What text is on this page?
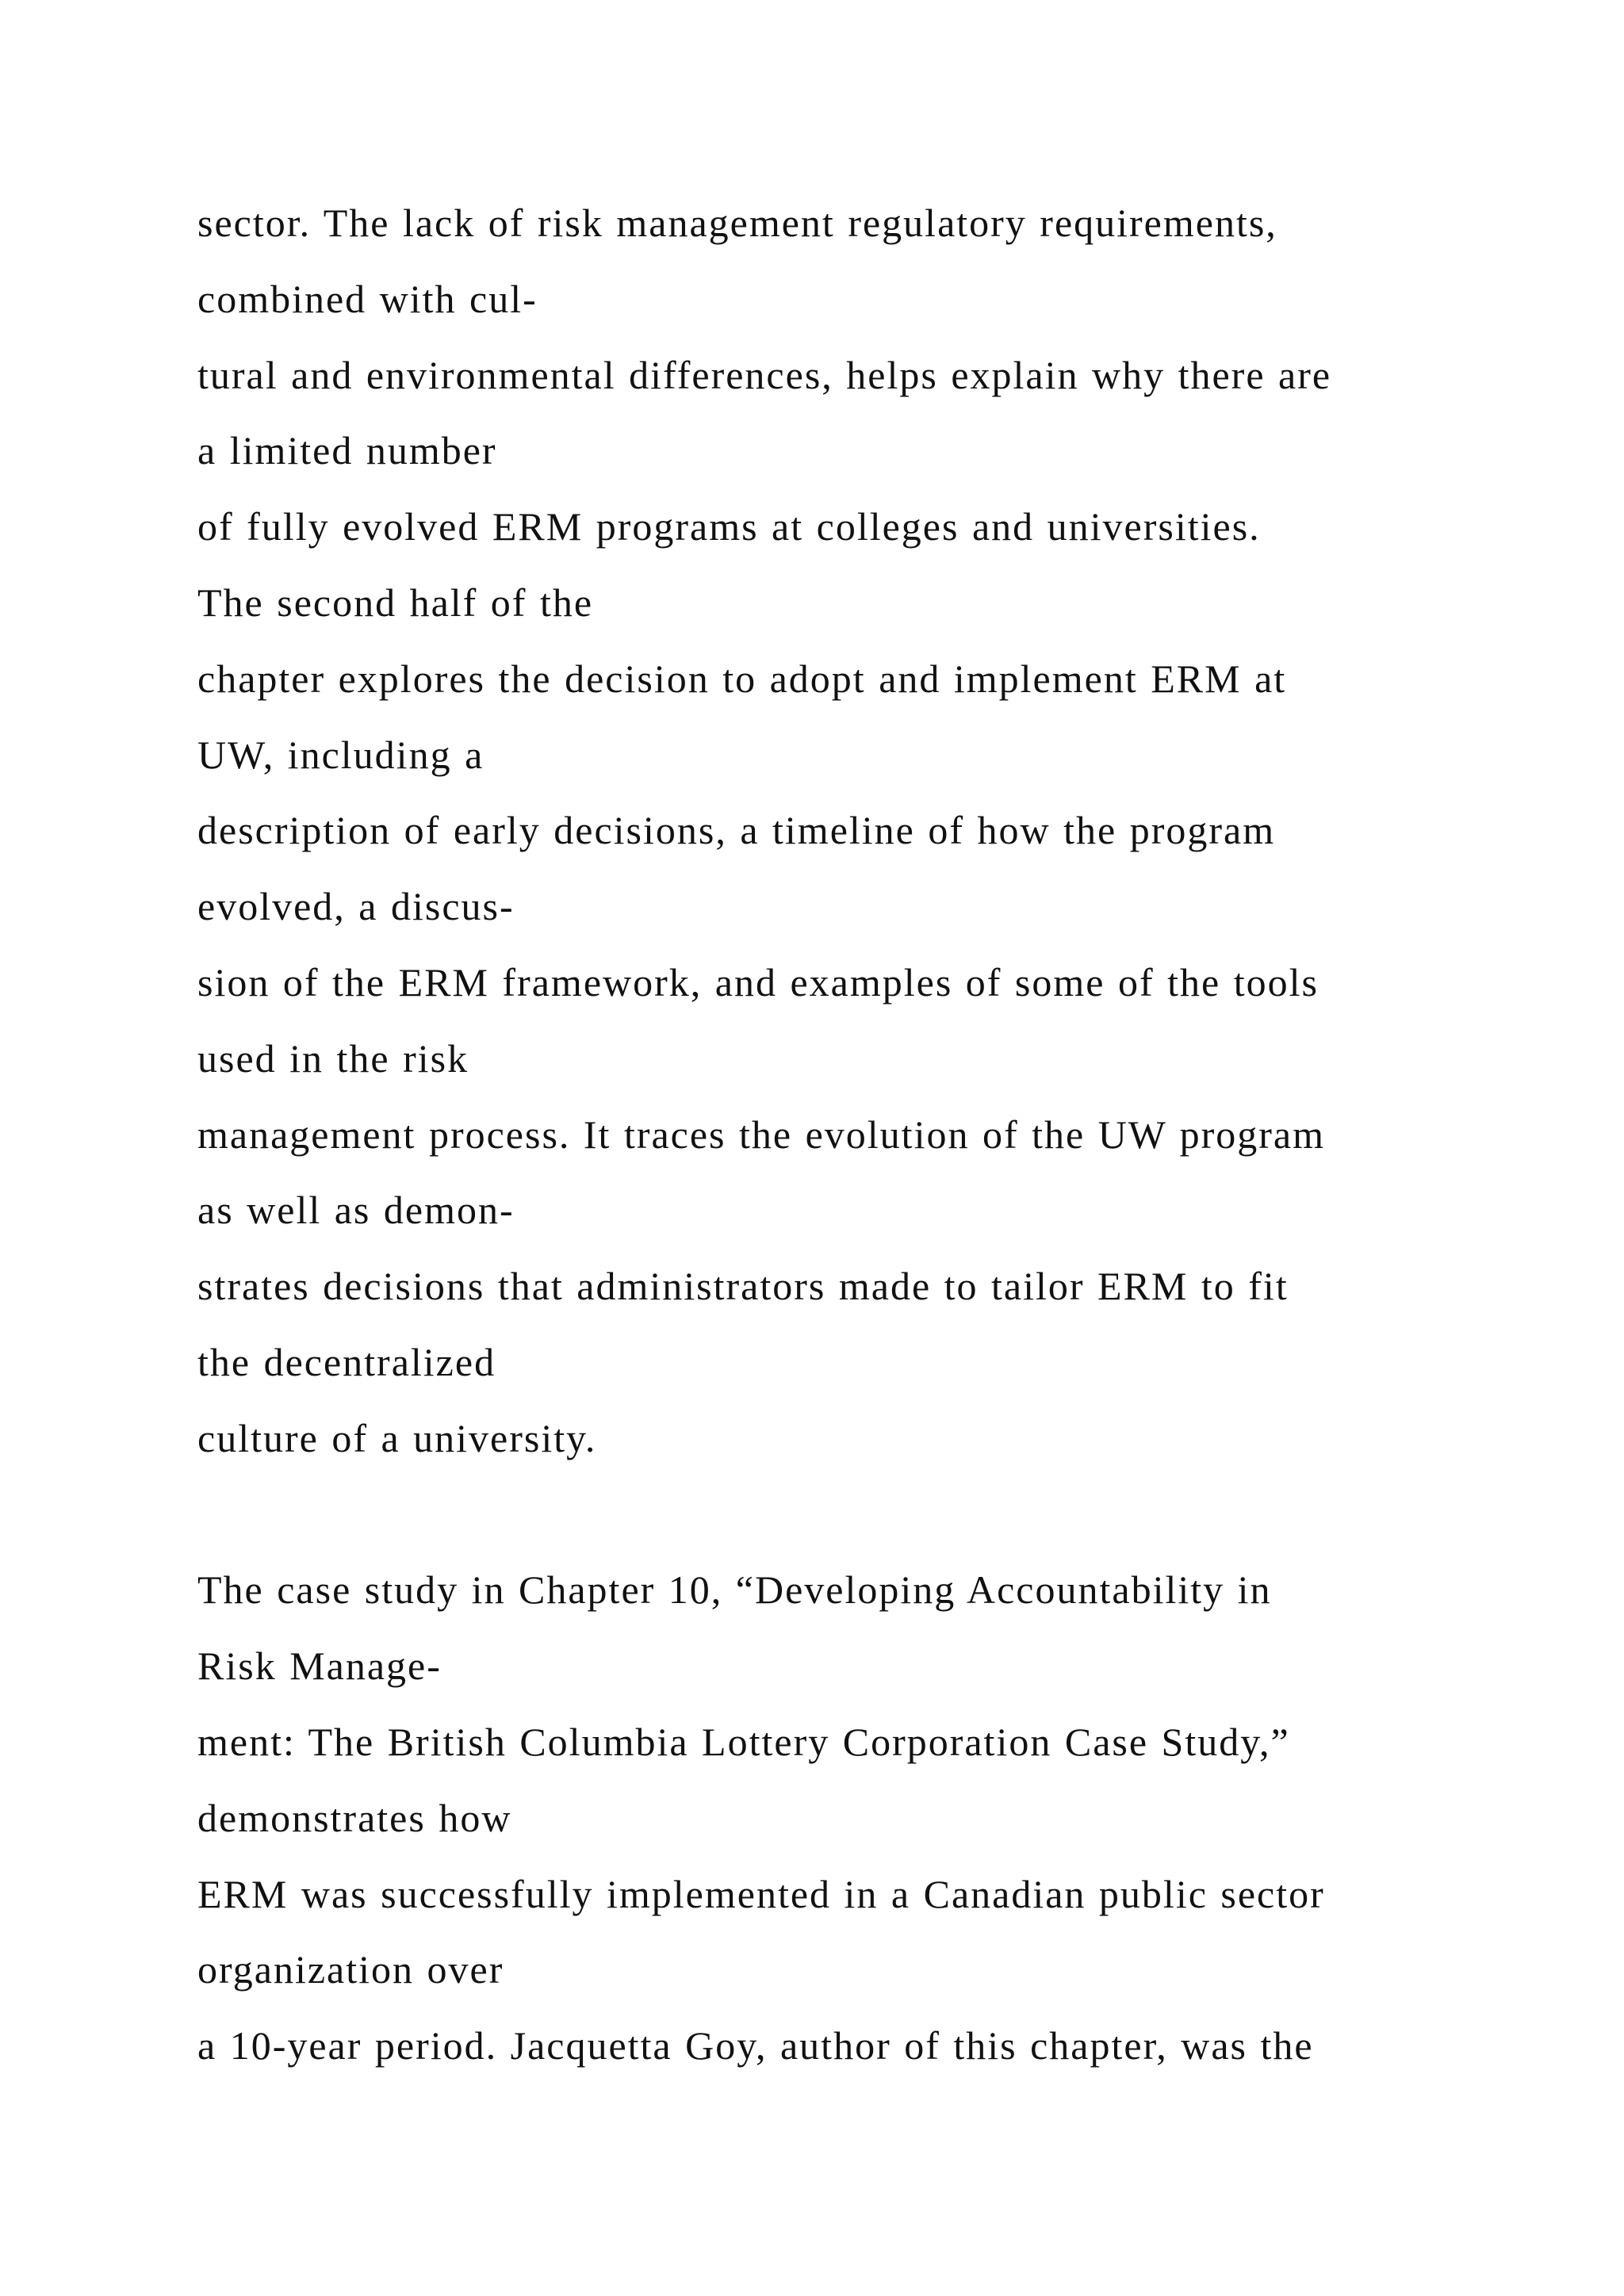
sector. The lack of risk management regulatory requirements,
combined with cul-
tural and environmental differences, helps explain why there are
a limited number
of fully evolved ERM programs at colleges and universities.
The second half of the
chapter explores the decision to adopt and implement ERM at
UW, including a
description of early decisions, a timeline of how the program
evolved, a discus-
sion of the ERM framework, and examples of some of the tools
used in the risk
management process. It traces the evolution of the UW program
as well as demon-
strates decisions that administrators made to tailor ERM to fit
the decentralized
culture of a university.
The case study in Chapter 10, “Developing Accountability in
Risk Manage-
ment: The British Columbia Lottery Corporation Case Study,”
demonstrates how
ERM was successfully implemented in a Canadian public sector
organization over
a 10-year period. Jacquetta Goy, author of this chapter, was the
